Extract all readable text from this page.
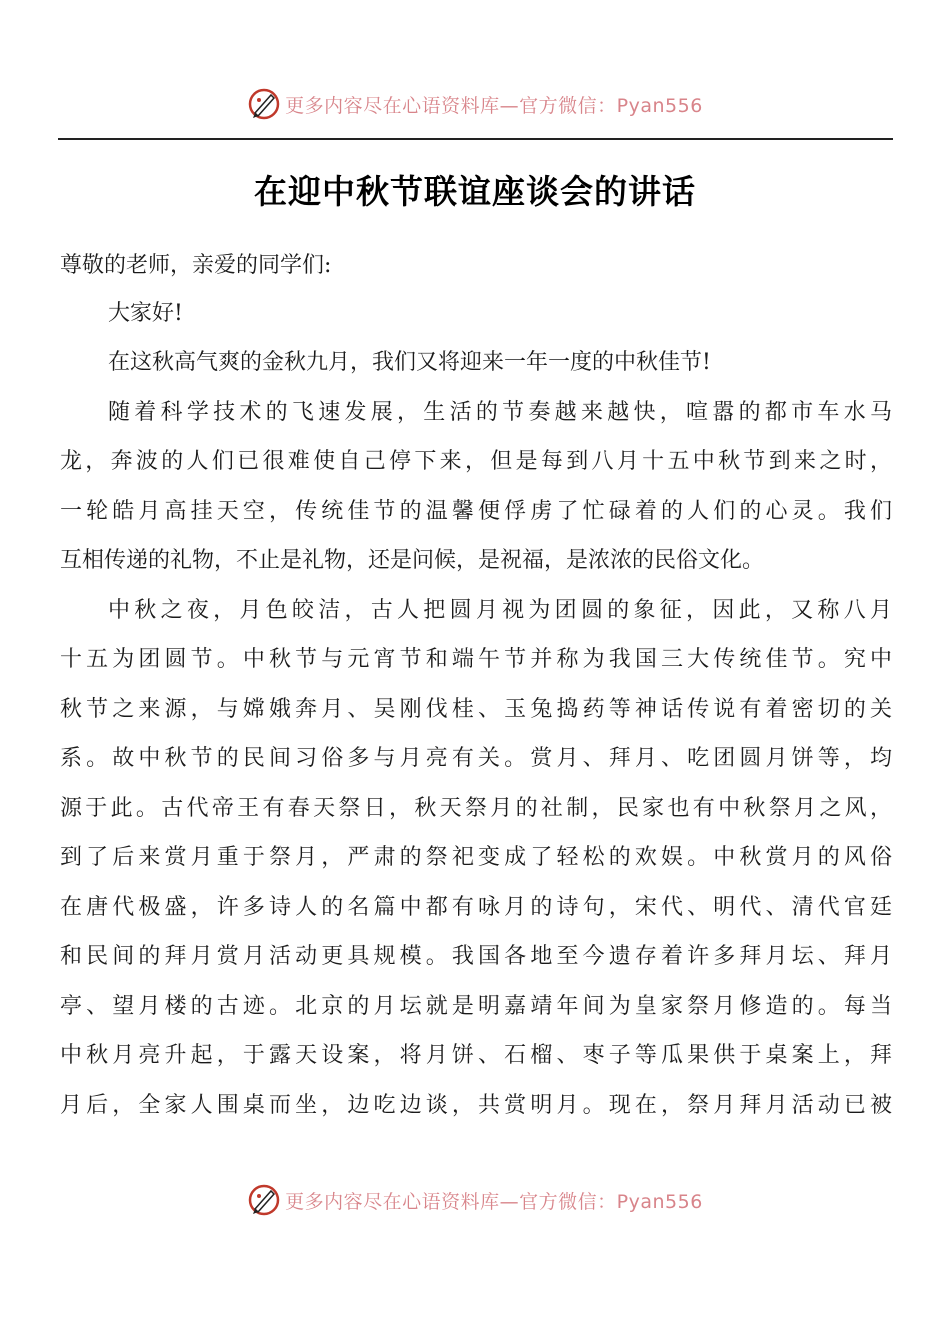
更多内容尽在心语资料库—官方微信：Pyan556
在迎中秋节联谊座谈会的讲话
尊敬的老师，亲爱的同学们:
大家好!
在这秋高气爽的金秋九月，我们又将迎来一年一度的中秋佳节!
随着科学技术的飞速发展，生活的节奏越来越快，喧嚣的都市车水马
龙，奔波的人们已很难使自己停下来，但是每到八月十五中秋节到来之时，
一轮皓月高挂天空，传统佳节的温馨便俘虏了忙碌着的人们的心灵。我们
互相传递的礼物，不止是礼物，还是问候，是祝福，是浓浓的民俗文化。
中秋之夜，月色皎洁，古人把圆月视为团圆的象征，因此，又称八月
十五为团圆节。中秋节与元宵节和端午节并称为我国三大传统佳节。究中
秋节之来源，与嫦娥奔月、吴刚伐桂、玉兔捣药等神话传说有着密切的关
系。故中秋节的民间习俗多与月亮有关。赏月、拜月、吃团圆月饼等，均
源于此。古代帝王有春天祭日，秋天祭月的社制，民家也有中秋祭月之风，
到了后来赏月重于祭月，严肃的祭祀变成了轻松的欢娱。中秋赏月的风俗
在唐代极盛，许多诗人的名篇中都有咏月的诗句，宋代、明代、清代官廷
和民间的拜月赏月活动更具规模。我国各地至今遗存着许多拜月坛、拜月
亭、望月楼的古迹。北京的月坛就是明嘉靖年间为皇家祭月修造的。每当
中秋月亮升起，于露天设案，将月饼、石榴、枣子等瓜果供于桌案上，拜
月后，全家人围桌而坐，边吃边谈，共赏明月。现在，祭月拜月活动已被
更多内容尽在心语资料库—官方微信：Pyan556
